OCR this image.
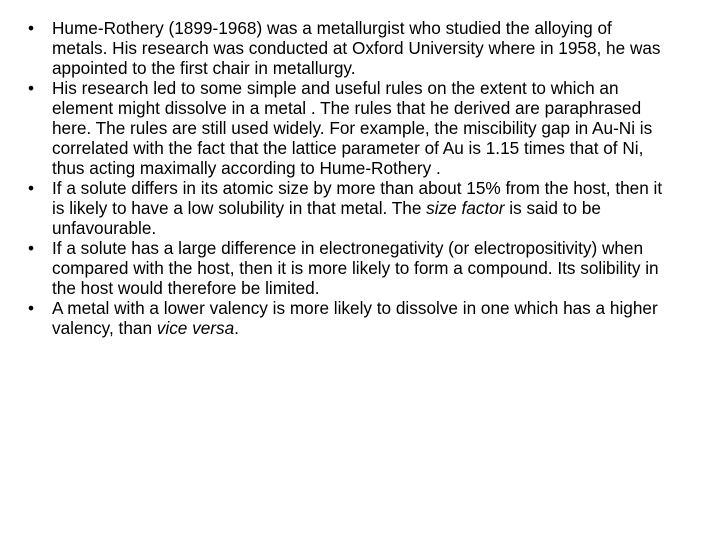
•	Hume-Rothery (1899-1968) was a metallurgist who studied the alloying of metals. His research was conducted at Oxford University where in 1958, he was appointed to the first chair in metallurgy.
•	His research led to some simple and useful rules on the extent to which an element might dissolve in a metal . The rules that he derived are paraphrased here. The rules are still used widely. For example, the miscibility gap in Au-Ni is correlated with the fact that the lattice parameter of Au is 1.15 times that of Ni, thus acting maximally according to Hume-Rothery .
•	If a solute differs in its atomic size by more than about 15% from the host, then it is likely to have a low solubility in that metal. The size factor is said to be unfavourable.
•	If a solute has a large difference in electronegativity (or electropositivity) when compared with the host, then it is more likely to form a compound. Its solibility in the host would therefore be limited.
•	A metal with a lower valency is more likely to dissolve in one which has a higher valency, than vice versa.
